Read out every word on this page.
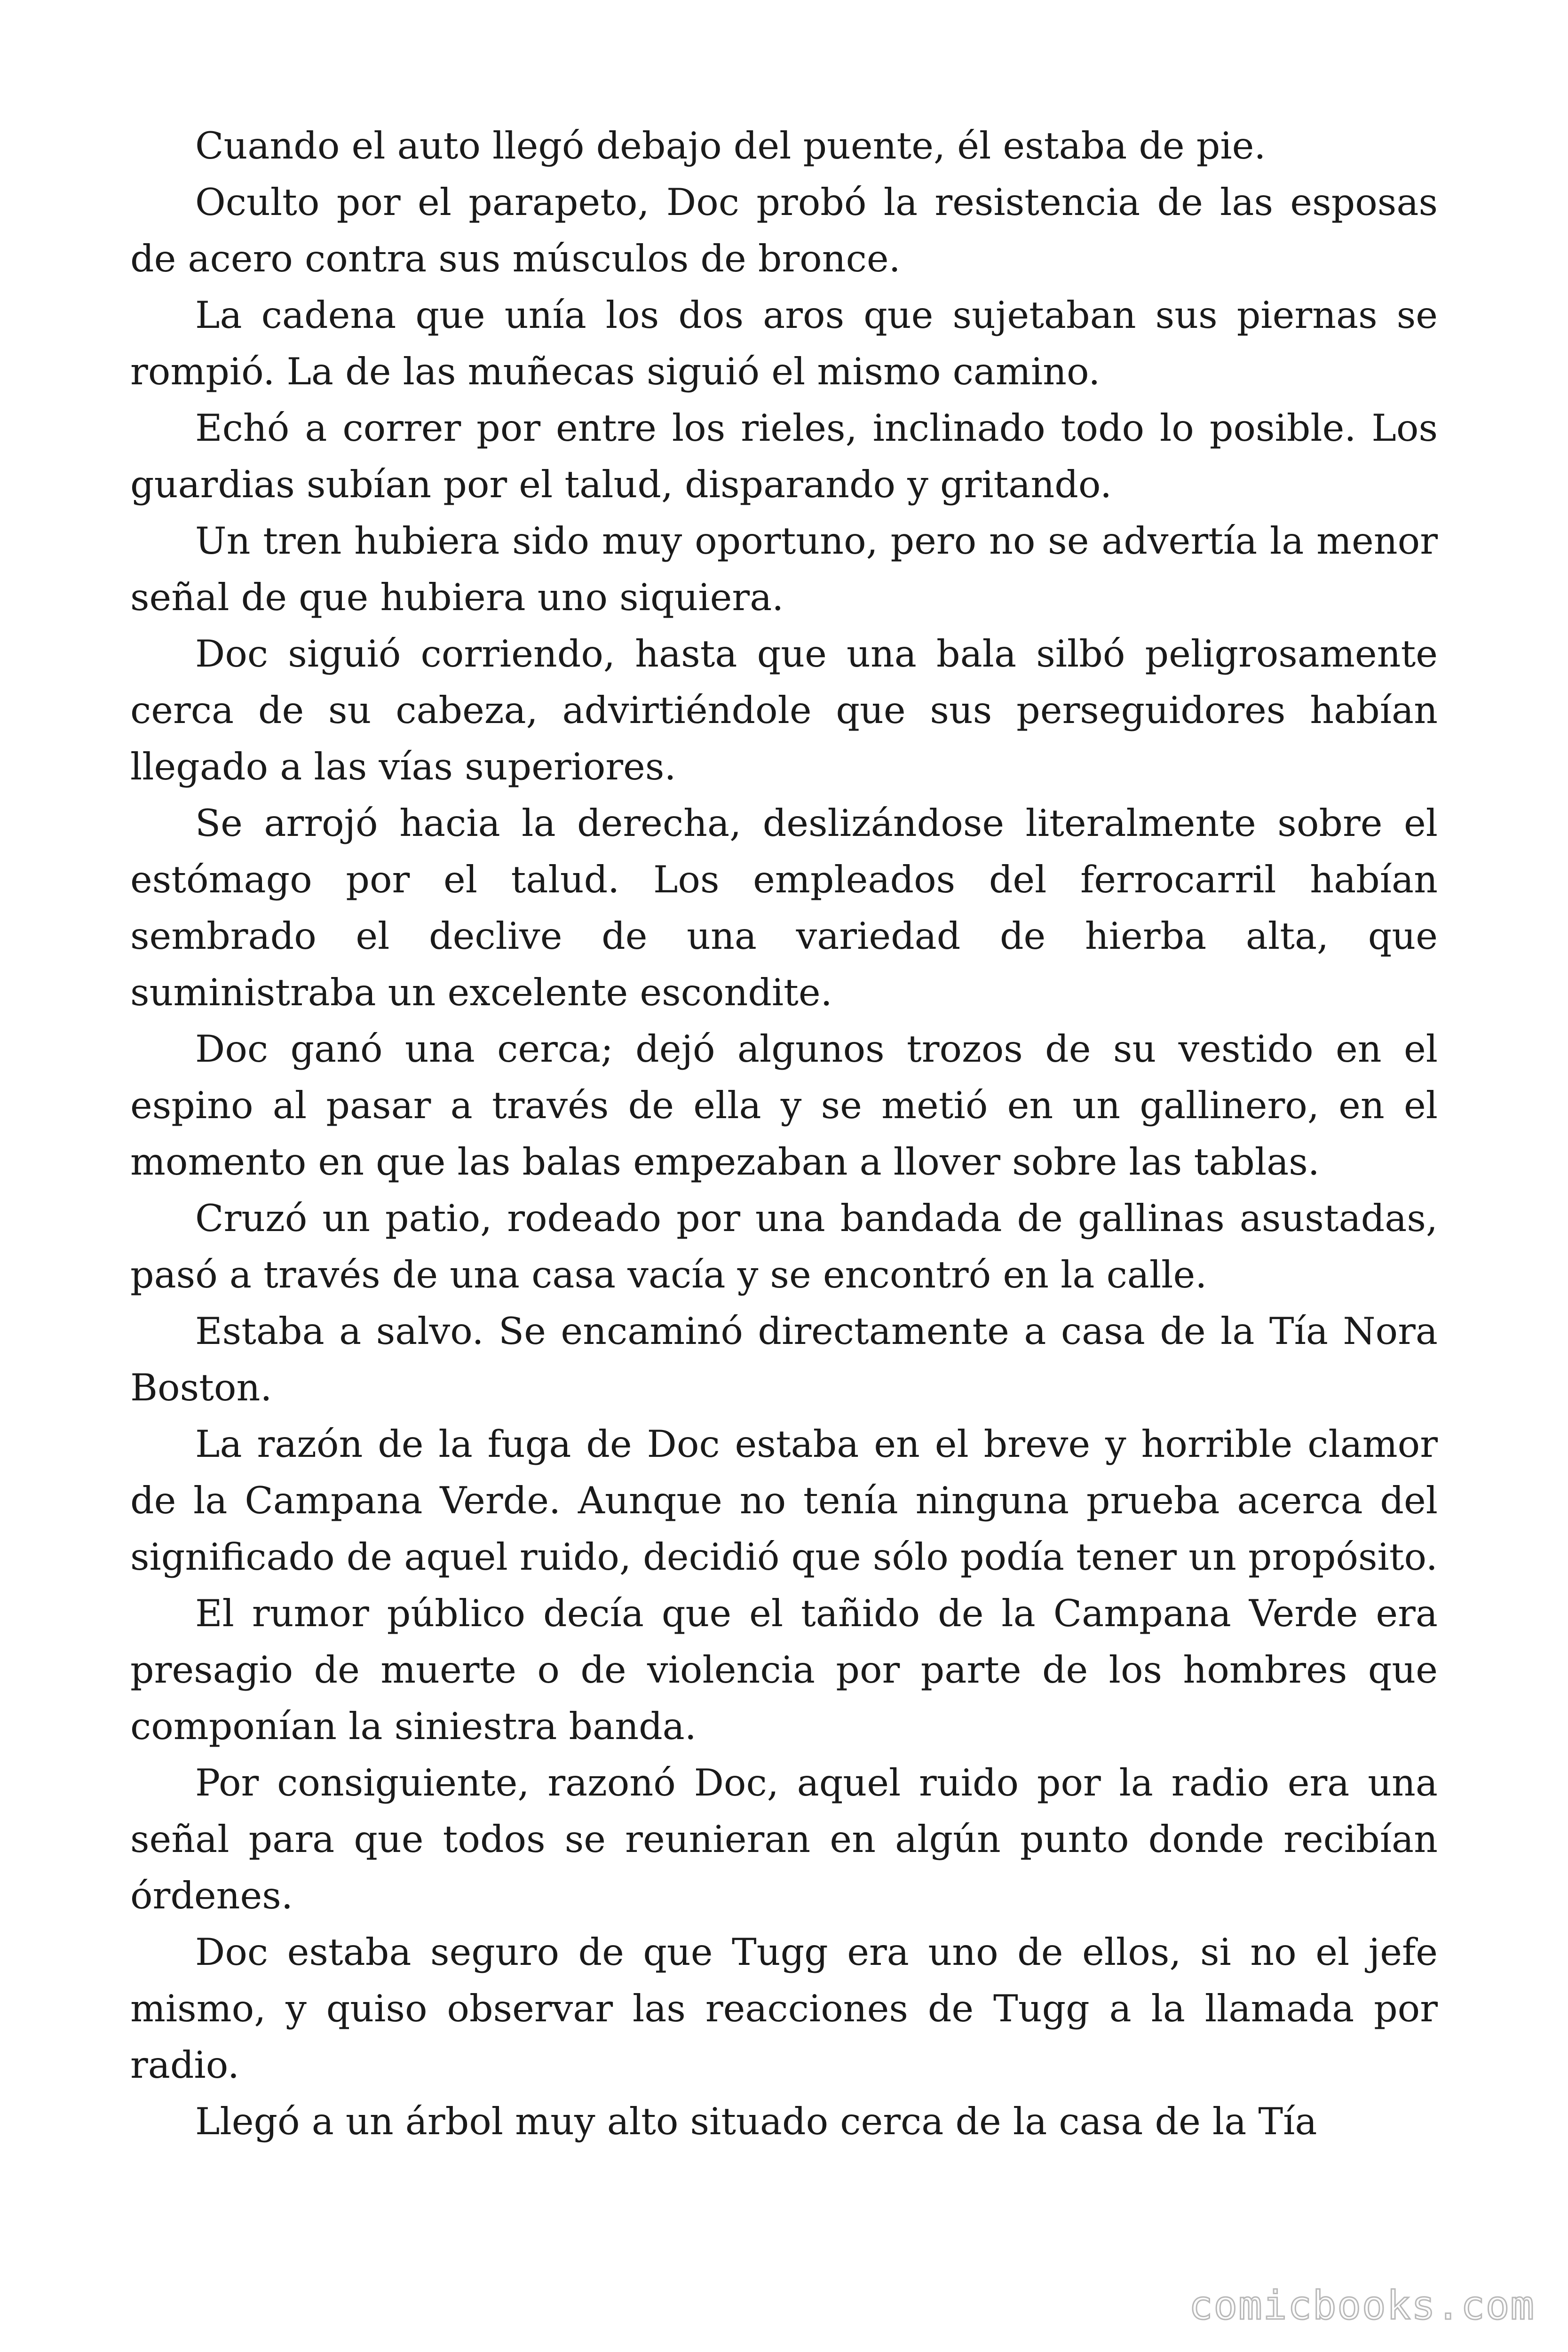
Cuando el auto llegó debajo del puente, él estaba de pie.

Oculto por el parapeto, Doc probó la resistencia de las esposas de acero contra sus músculos de bronce.

La cadena que unía los dos aros que sujetaban sus piernas se rompió. La de las muñecas siguió el mismo camino.

Echó a correr por entre los rieles, inclinado todo lo posible. Los guardias subían por el talud, disparando y gritando.

Un tren hubiera sido muy oportuno, pero no se advertía la menor señal de que hubiera uno siquiera.

Doc siguió corriendo, hasta que una bala silbó peligrosamente cerca de su cabeza, advirtiéndole que sus perseguidores habían llegado a las vías superiores.

Se arrojó hacia la derecha, deslizándose literalmente sobre el estómago por el talud. Los empleados del ferrocarril habían sembrado el declive de una variedad de hierba alta, que suministraba un excelente escondite.

Doc ganó una cerca; dejó algunos trozos de su vestido en el espino al pasar a través de ella y se metió en un gallinero, en el momento en que las balas empezaban a llover sobre las tablas.

Cruzó un patio, rodeado por una bandada de gallinas asustadas, pasó a través de una casa vacía y se encontró en la calle.

Estaba a salvo. Se encaminó directamente a casa de la Tía Nora Boston.

La razón de la fuga de Doc estaba en el breve y horrible clamor de la Campana Verde. Aunque no tenía ninguna prueba acerca del significado de aquel ruido, decidió que sólo podía tener un propósito.

El rumor público decía que el tañido de la Campana Verde era presagio de muerte o de violencia por parte de los hombres que componían la siniestra banda.

Por consiguiente, razonó Doc, aquel ruido por la radio era una señal para que todos se reunieran en algún punto donde recibían órdenes.

Doc estaba seguro de que Tugg era uno de ellos, si no el jefe mismo, y quiso observar las reacciones de Tugg a la llamada por radio.

Llegó a un árbol muy alto situado cerca de la casa de la Tía

comicbooks.com
